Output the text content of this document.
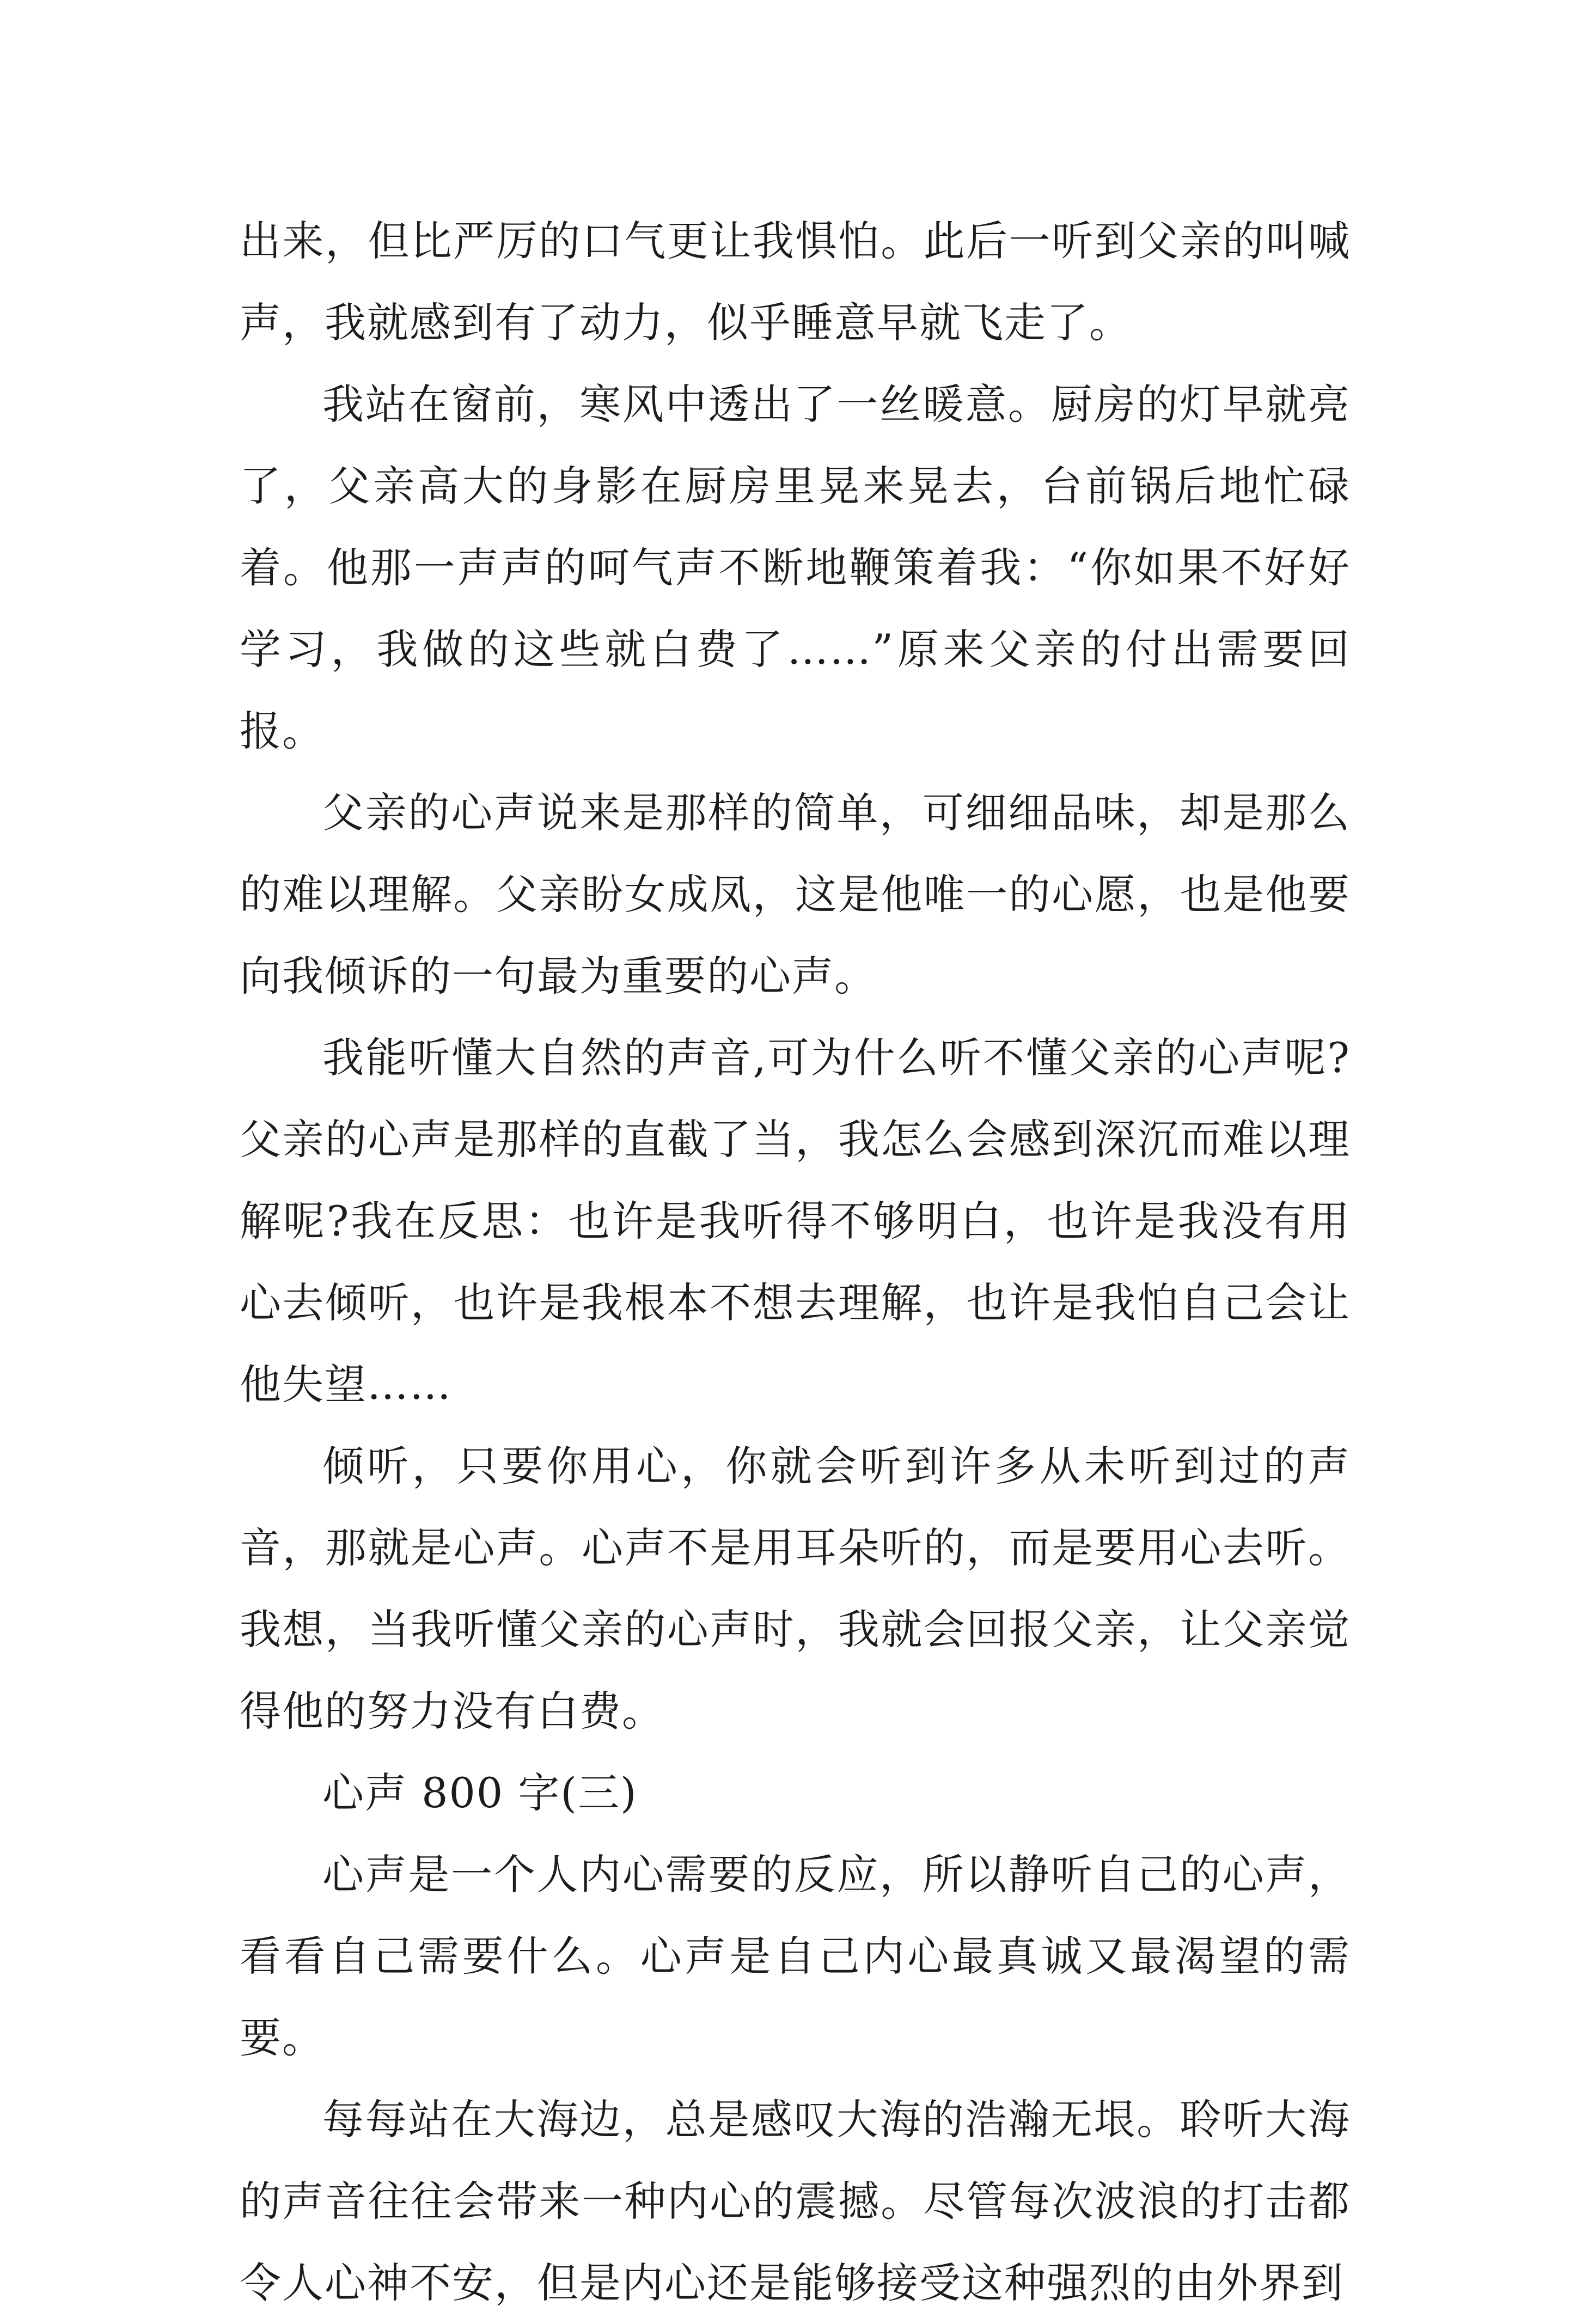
出来，但比严厉的口气更让我惧怕。此后一听到父亲的叫喊声，我就感到有了动力，似乎睡意早就飞走了。

我站在窗前，寒风中透出了一丝暖意。厨房的灯早就亮了，父亲高大的身影在厨房里晃来晃去，台前锅后地忙碌着。他那一声声的呵气声不断地鞭策着我：“你如果不好好学习，我做的这些就白费了……”原来父亲的付出需要回报。

父亲的心声说来是那样的简单，可细细品味，却是那么的难以理解。父亲盼女成凤，这是他唯一的心愿，也是他要向我倾诉的一句最为重要的心声。

我能听懂大自然的声音,可为什么听不懂父亲的心声呢?父亲的心声是那样的直截了当，我怎么会感到深沉而难以理解呢?我在反思：也许是我听得不够明白，也许是我没有用心去倾听，也许是我根本不想去理解，也许是我怕自己会让他失望……

倾听，只要你用心，你就会听到许多从未听到过的声音，那就是心声。心声不是用耳朵听的，而是要用心去听。我想，当我听懂父亲的心声时，我就会回报父亲，让父亲觉得他的努力没有白费。

心声 800 字(三)

心声是一个人内心需要的反应，所以静听自己的心声，看看自己需要什么。心声是自己内心最真诚又最渴望的需要。

每每站在大海边，总是感叹大海的浩瀚无垠。聆听大海的声音往往会带来一种内心的震撼。尽管每次波浪的打击都令人心神不安，但是内心还是能够接受这种强烈的由外界到
